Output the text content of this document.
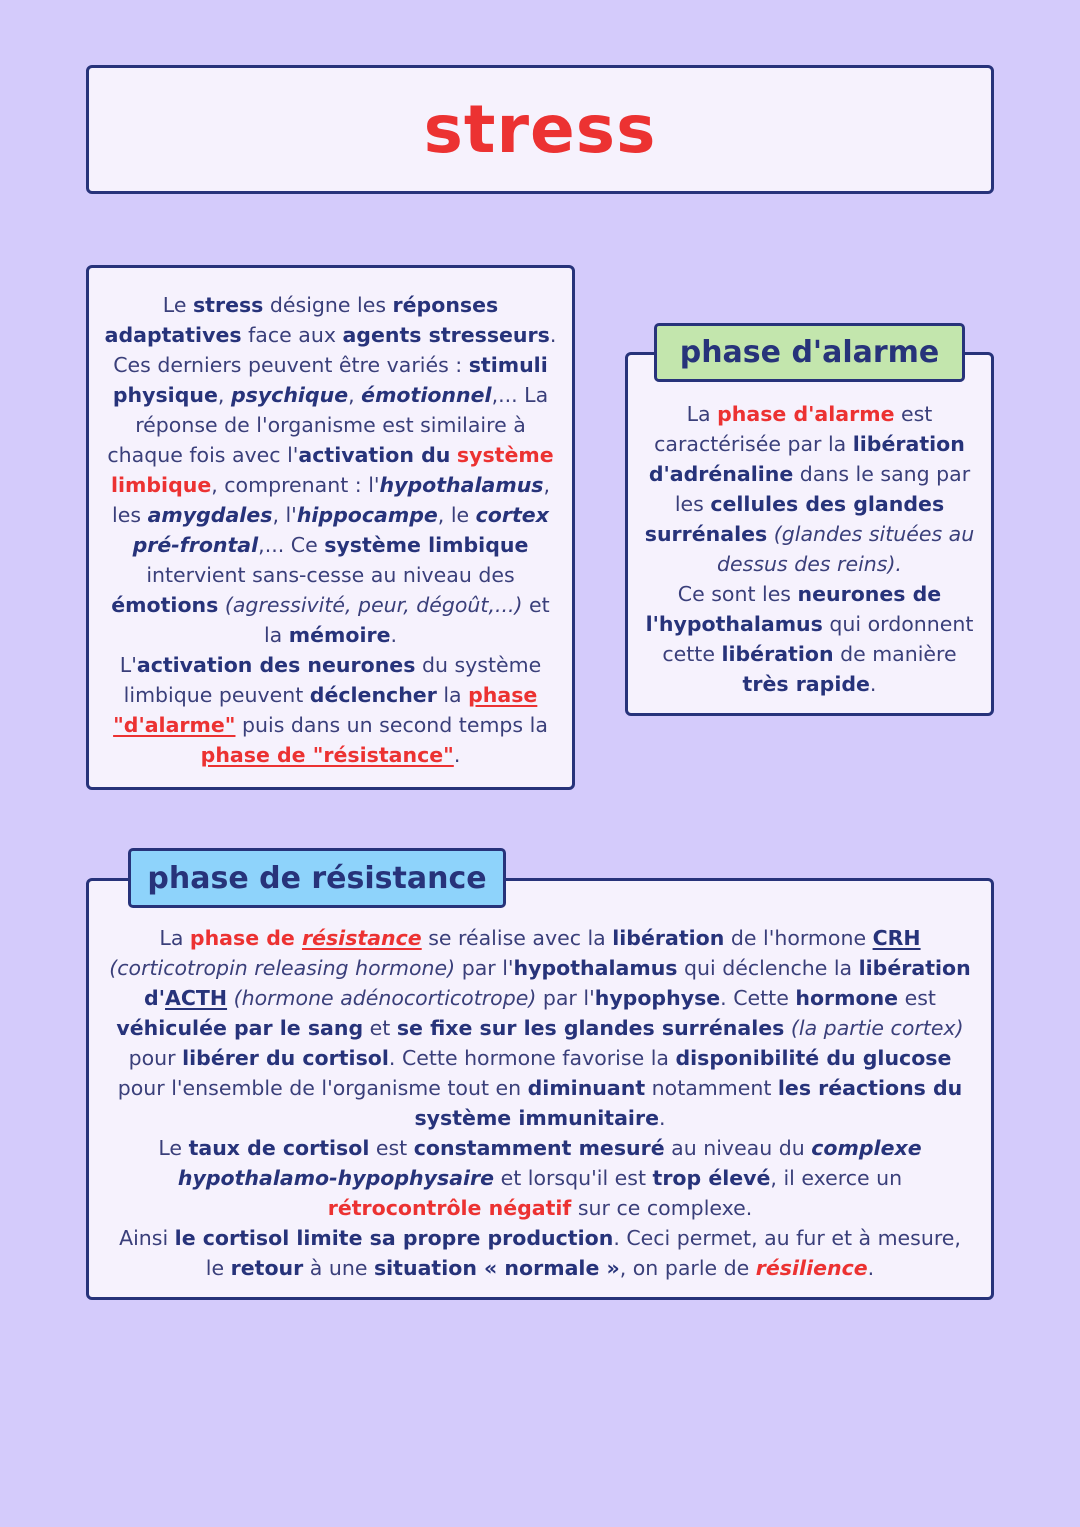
stress

Le stress désigne les réponses adaptatives face aux agents stresseurs. Ces derniers peuvent être variés : stimuli physique, psychique, émotionnel,... La réponse de l'organisme est similaire à chaque fois avec l'activation du système limbique, comprenant : l'hypothalamus, les amygdales, l'hippocampe, le cortex pré-frontal,... Ce système limbique intervient sans-cesse au niveau des émotions (agressivité, peur, dégoût,...) et la mémoire.
L'activation des neurones du système limbique peuvent déclencher la phase "d'alarme" puis dans un second temps la phase de "résistance".

La phase d'alarme est caractérisée par la libération d'adrénaline dans le sang par les cellules des glandes surrénales (glandes situées au dessus des reins).
Ce sont les neurones de l'hypothalamus qui ordonnent cette libération de manière très rapide.

phase d'alarme

La phase de résistance se réalise avec la libération de l'hormone CRH (corticotropin releasing hormone) par l'hypothalamus qui déclenche la libération d'ACTH (hormone adénocorticotrope) par l'hypophyse. Cette hormone est véhiculée par le sang et se fixe sur les glandes surrénales (la partie cortex) pour libérer du cortisol. Cette hormone favorise la disponibilité du glucose pour l'ensemble de l'organisme tout en diminuant notamment les réactions du système immunitaire.
Le taux de cortisol est constamment mesuré au niveau du complexe hypothalamo-hypophysaire et lorsqu'il est trop élevé, il exerce un rétrocontrôle négatif sur ce complexe.
Ainsi le cortisol limite sa propre production. Ceci permet, au fur et à mesure, le retour à une situation « normale », on parle de résilience.

phase de résistance
